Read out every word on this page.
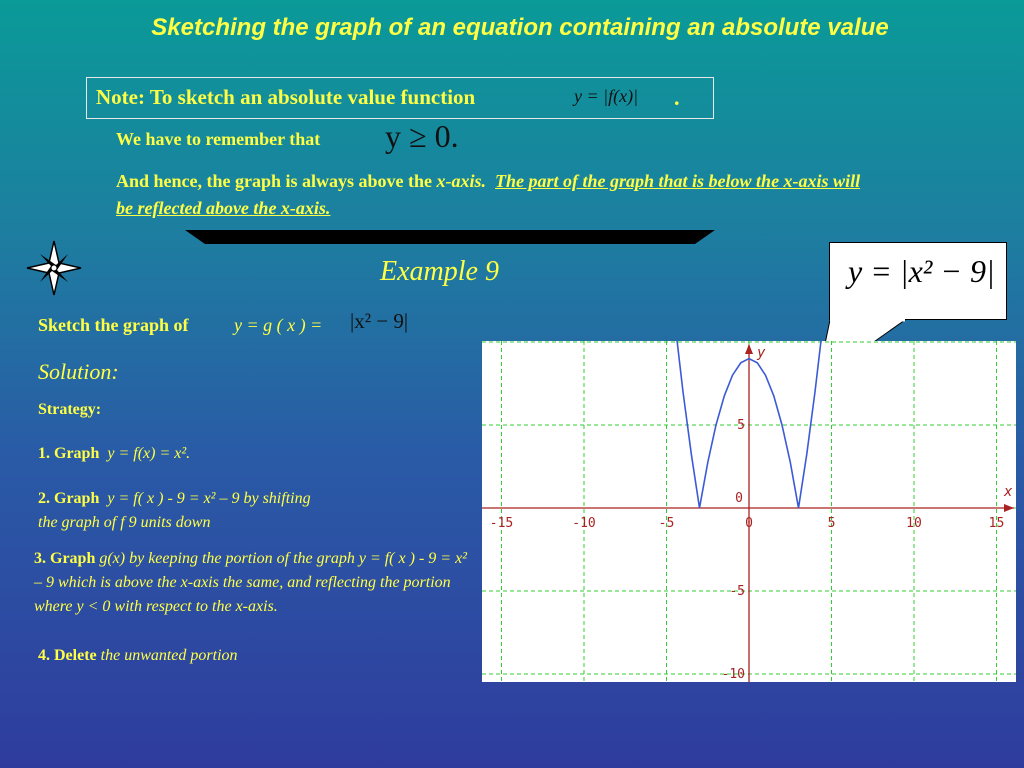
Sketching the graph of an equation containing an absolute value
Note: To sketch an absolute value function	y = |f(x)| .
We have to remember that y ≥ 0.
And hence, the graph is always above the x-axis. The part of the graph that is below the x-axis will be reflected above the x-axis.
Example 9	y = |x² − 9|
Sketch the graph of	y = g ( x ) = |x² − 9|
Solution:
Strategy:
1. Graph y = f(x) = x².
2. Graph y = f( x ) - 9 = x² – 9 by shifting
the graph of f 9 units down
3. Graph g(x) by keeping the portion of the graph y = f( x ) - 9 = x² – 9 which is above the x-axis the same, and reflecting the portion where y < 0 with respect to the x-axis.
4. Delete the unwanted portion
-15	-10	-5	0	5	10	15
5
0
-5
-10
x
y
